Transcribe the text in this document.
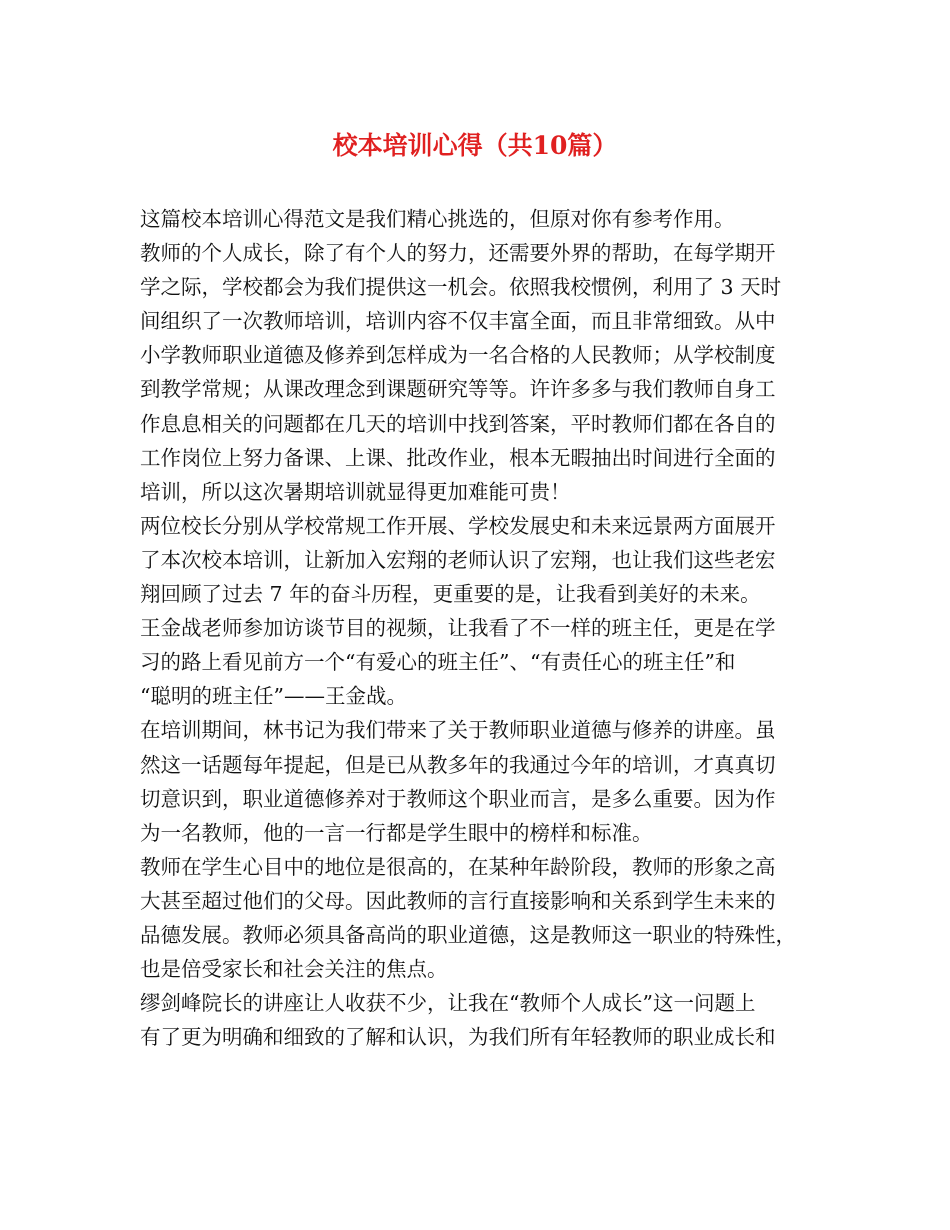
校本培训心得（共10篇）
这篇校本培训心得范文是我们精心挑选的，但原对你有参考作用。
教师的个人成长，除了有个人的努力，还需要外界的帮助，在每学期开
学之际，学校都会为我们提供这一机会。依照我校惯例，利用了 3 天时
间组织了一次教师培训，培训内容不仅丰富全面，而且非常细致。从中
小学教师职业道德及修养到怎样成为一名合格的人民教师；从学校制度
到教学常规；从课改理念到课题研究等等。许许多多与我们教师自身工
作息息相关的问题都在几天的培训中找到答案，平时教师们都在各自的
工作岗位上努力备课、上课、批改作业，根本无暇抽出时间进行全面的
培训，所以这次暑期培训就显得更加难能可贵！
两位校长分别从学校常规工作开展、学校发展史和未来远景两方面展开
了本次校本培训，让新加入宏翔的老师认识了宏翔，也让我们这些老宏
翔回顾了过去 7 年的奋斗历程，更重要的是，让我看到美好的未来。
王金战老师参加访谈节目的视频，让我看了不一样的班主任，更是在学
习的路上看见前方一个“有爱心的班主任”、“有责任心的班主任”和
“聪明的班主任”——王金战。
在培训期间，林书记为我们带来了关于教师职业道德与修养的讲座。虽
然这一话题每年提起，但是已从教多年的我通过今年的培训，才真真切
切意识到，职业道德修养对于教师这个职业而言，是多么重要。因为作
为一名教师，他的一言一行都是学生眼中的榜样和标准。
教师在学生心目中的地位是很高的，在某种年龄阶段，教师的形象之高
大甚至超过他们的父母。因此教师的言行直接影响和关系到学生未来的
品德发展。教师必须具备高尚的职业道德，这是教师这一职业的特殊性，
也是倍受家长和社会关注的焦点。
缪剑峰院长的讲座让人收获不少，让我在“教师个人成长”这一问题上
有了更为明确和细致的了解和认识，为我们所有年轻教师的职业成长和
